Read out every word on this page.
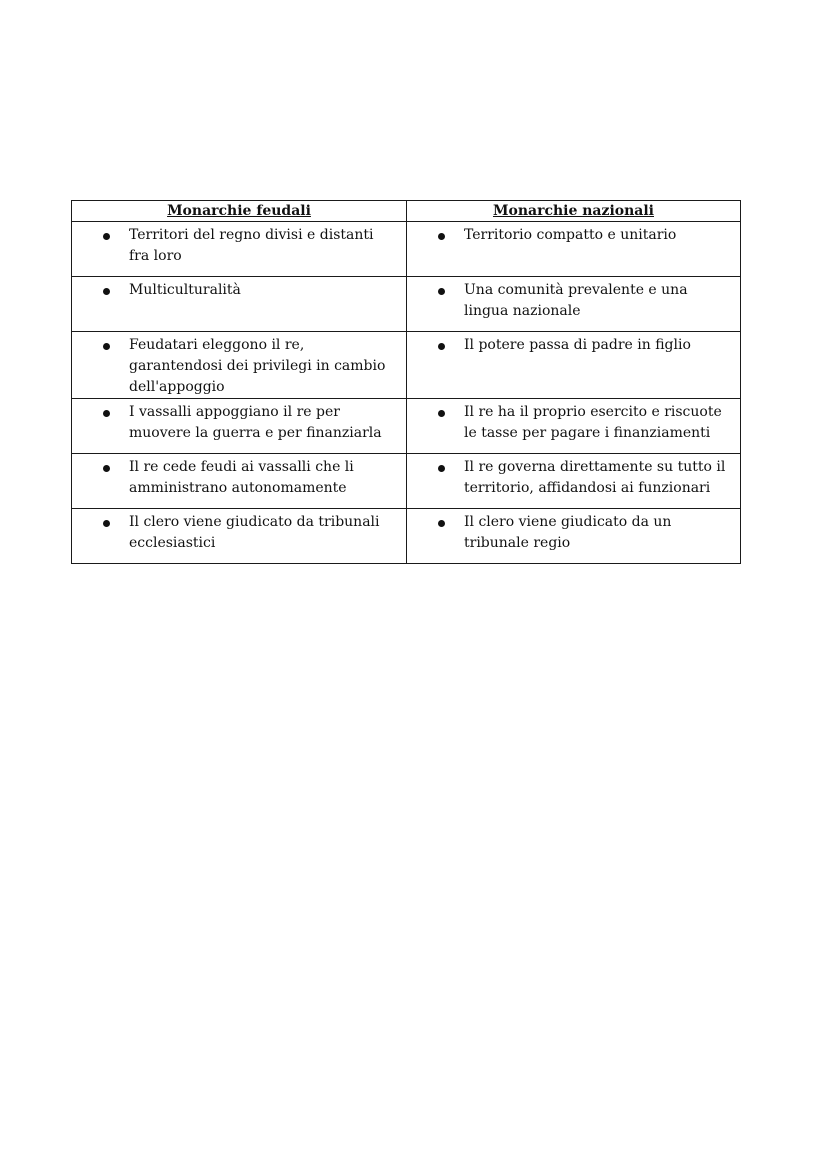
Monarchie feudali	Monarchie nazionali

Territori del regno divisi e distanti fra loro	Territorio compatto e unitario

Multiculturalità	Una comunità prevalente e una lingua nazionale

Feudatari eleggono il re, garantendosi dei privilegi in cambio dell'appoggio	Il potere passa di padre in figlio

I vassalli appoggiano il re per muovere la guerra e per finanziarla	Il re ha il proprio esercito e riscuote le tasse per pagare i finanziamenti

Il re cede feudi ai vassalli che li amministrano autonomamente	Il re governa direttamente su tutto il territorio, affidandosi ai funzionari

Il clero viene giudicato da tribunali ecclesiastici	Il clero viene giudicato da un tribunale regio
